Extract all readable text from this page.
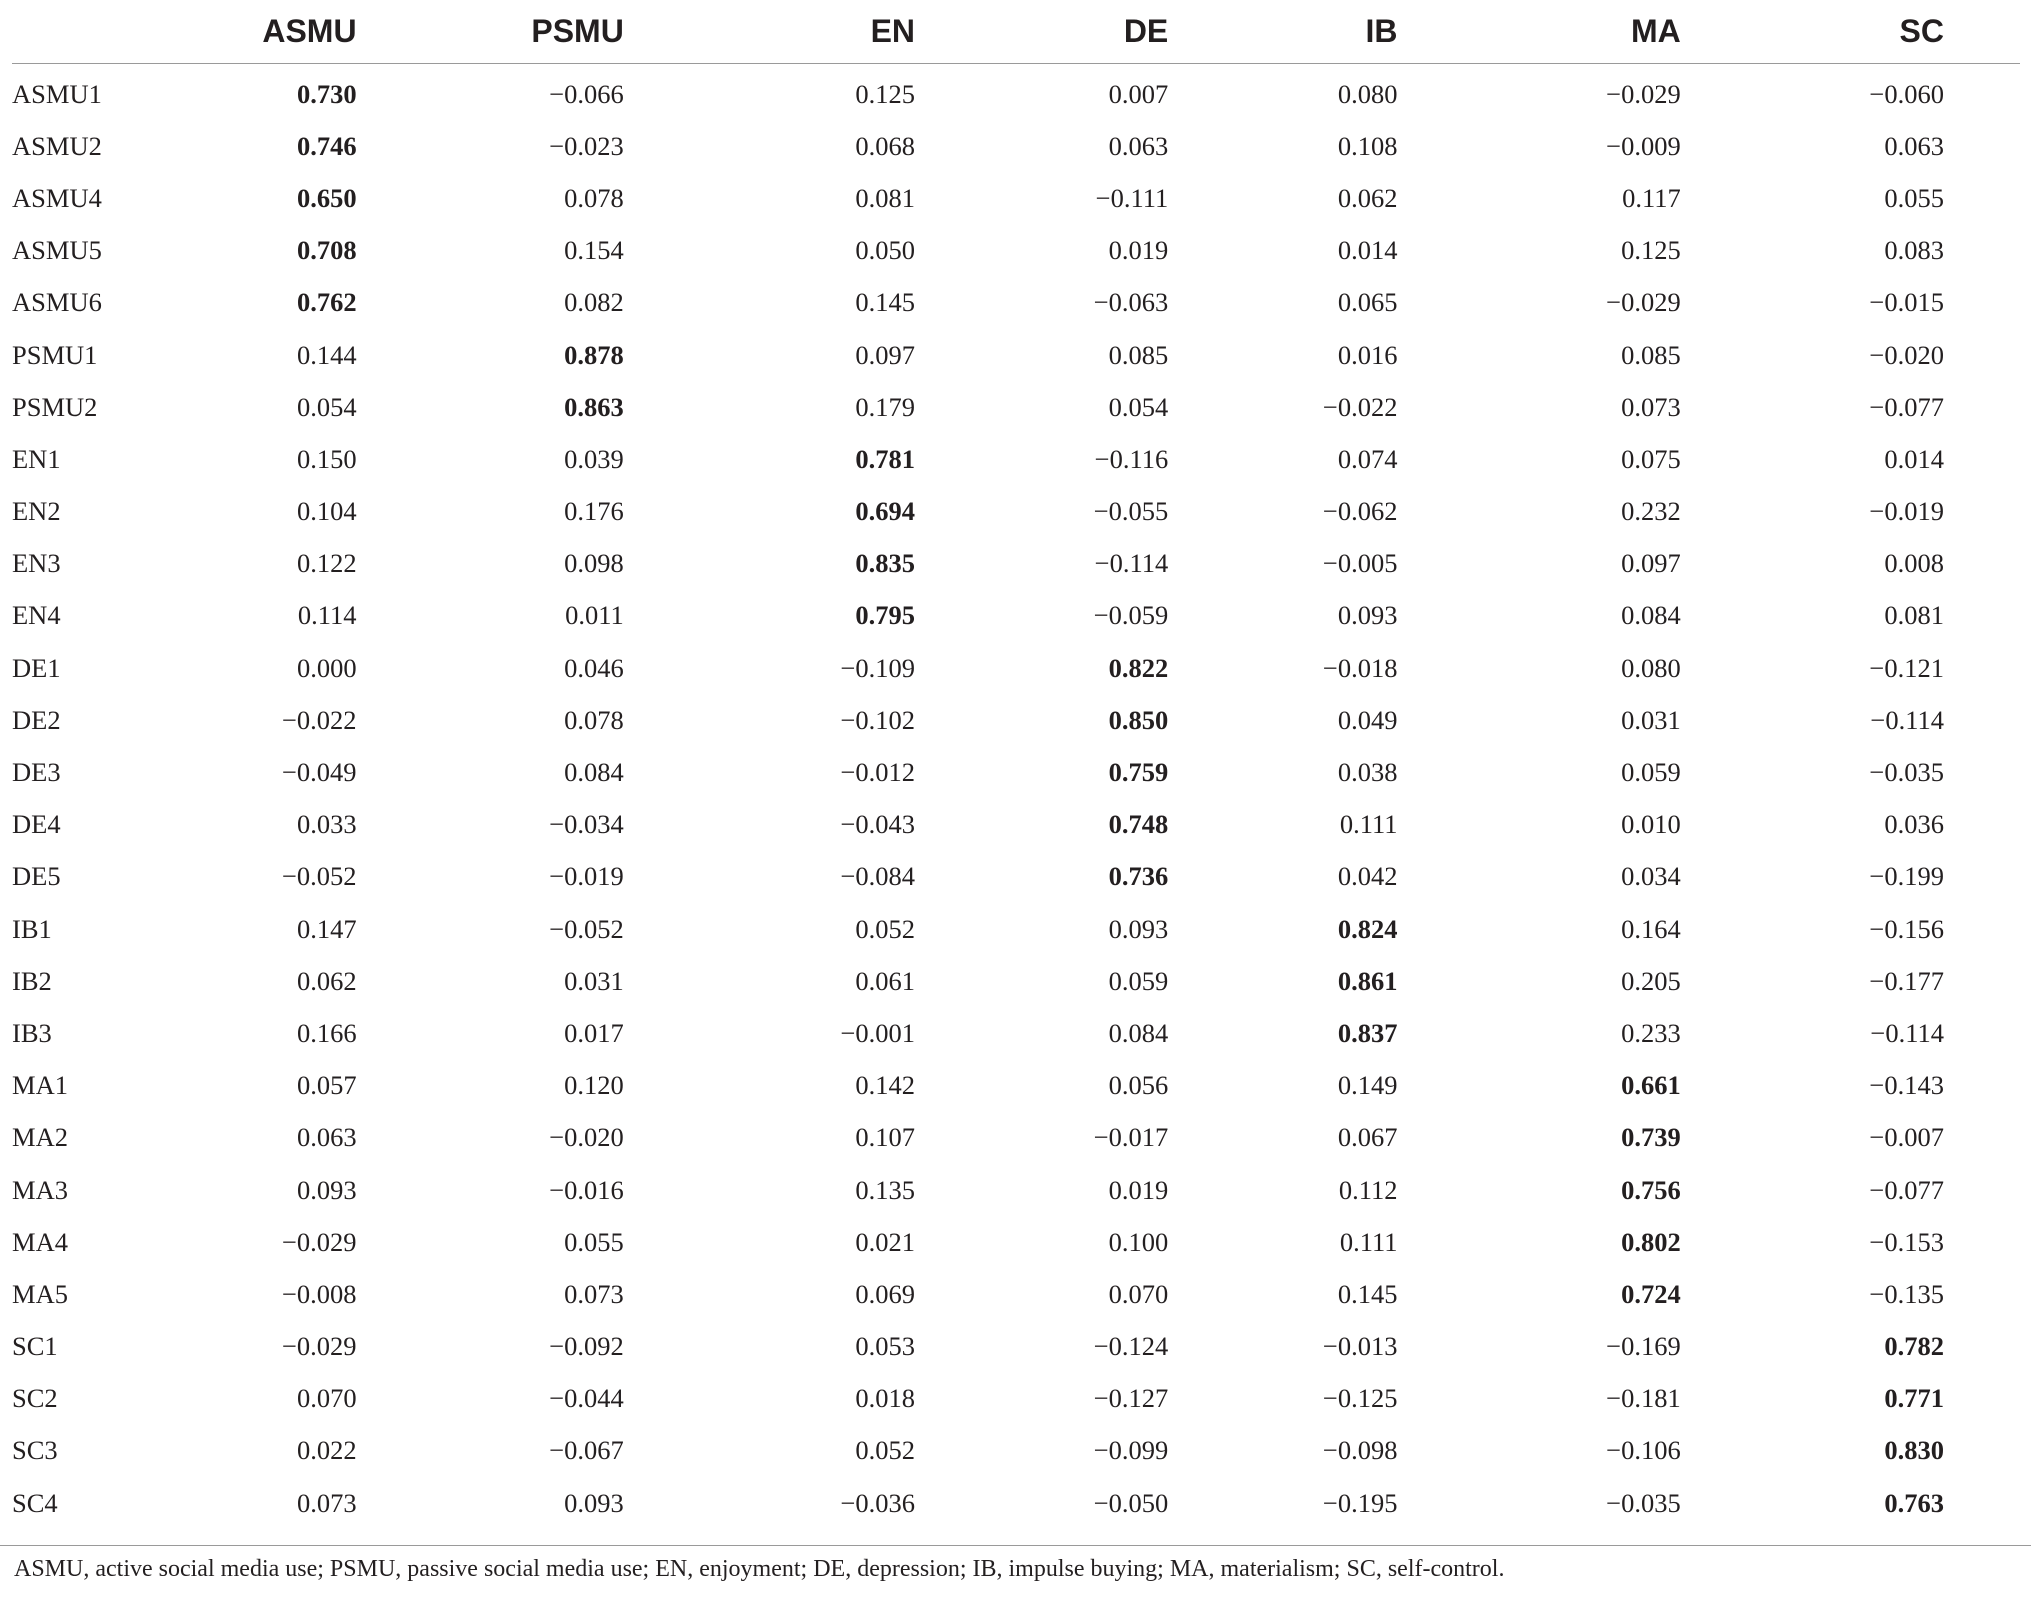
	ASMU	PSMU	EN	DE	IB	MA	SC
ASMU1	0.730	−0.066	0.125	0.007	0.080	−0.029	−0.060
ASMU2	0.746	−0.023	0.068	0.063	0.108	−0.009	0.063
ASMU4	0.650	0.078	0.081	−0.111	0.062	0.117	0.055
ASMU5	0.708	0.154	0.050	0.019	0.014	0.125	0.083
ASMU6	0.762	0.082	0.145	−0.063	0.065	−0.029	−0.015
PSMU1	0.144	0.878	0.097	0.085	0.016	0.085	−0.020
PSMU2	0.054	0.863	0.179	0.054	−0.022	0.073	−0.077
EN1	0.150	0.039	0.781	−0.116	0.074	0.075	0.014
EN2	0.104	0.176	0.694	−0.055	−0.062	0.232	−0.019
EN3	0.122	0.098	0.835	−0.114	−0.005	0.097	0.008
EN4	0.114	0.011	0.795	−0.059	0.093	0.084	0.081
DE1	0.000	0.046	−0.109	0.822	−0.018	0.080	−0.121
DE2	−0.022	0.078	−0.102	0.850	0.049	0.031	−0.114
DE3	−0.049	0.084	−0.012	0.759	0.038	0.059	−0.035
DE4	0.033	−0.034	−0.043	0.748	0.111	0.010	0.036
DE5	−0.052	−0.019	−0.084	0.736	0.042	0.034	−0.199
IB1	0.147	−0.052	0.052	0.093	0.824	0.164	−0.156
IB2	0.062	0.031	0.061	0.059	0.861	0.205	−0.177
IB3	0.166	0.017	−0.001	0.084	0.837	0.233	−0.114
MA1	0.057	0.120	0.142	0.056	0.149	0.661	−0.143
MA2	0.063	−0.020	0.107	−0.017	0.067	0.739	−0.007
MA3	0.093	−0.016	0.135	0.019	0.112	0.756	−0.077
MA4	−0.029	0.055	0.021	0.100	0.111	0.802	−0.153
MA5	−0.008	0.073	0.069	0.070	0.145	0.724	−0.135
SC1	−0.029	−0.092	0.053	−0.124	−0.013	−0.169	0.782
SC2	0.070	−0.044	0.018	−0.127	−0.125	−0.181	0.771
SC3	0.022	−0.067	0.052	−0.099	−0.098	−0.106	0.830
SC4	0.073	0.093	−0.036	−0.050	−0.195	−0.035	0.763
ASMU, active social media use; PSMU, passive social media use; EN, enjoyment; DE, depression; IB, impulse buying; MA, materialism; SC, self-control.
